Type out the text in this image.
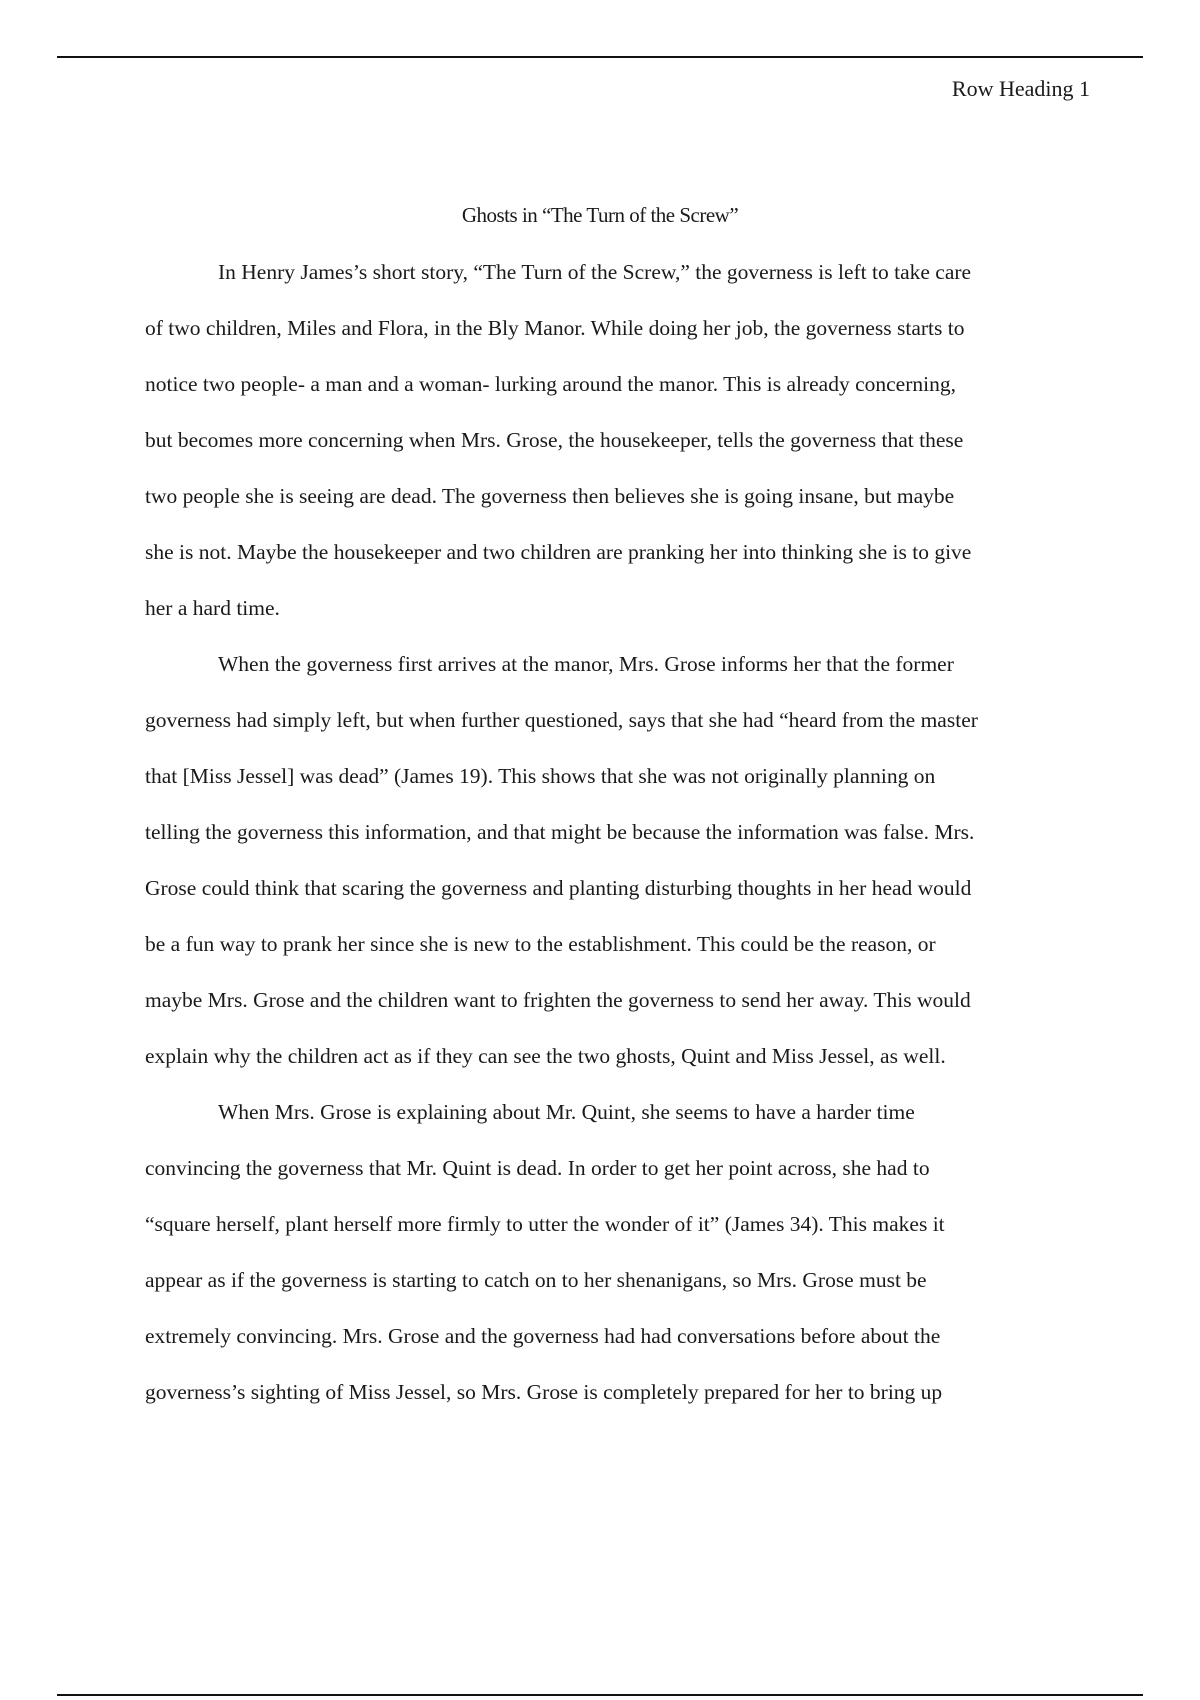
Row Heading 1
Ghosts in “The Turn of the Screw”
In Henry James’s short story, “The Turn of the Screw,” the governess is left to take care
of two children, Miles and Flora, in the Bly Manor. While doing her job, the governess starts to
notice two people- a man and a woman- lurking around the manor. This is already concerning,
but becomes more concerning when Mrs. Grose, the housekeeper, tells the governess that these
two people she is seeing are dead. The governess then believes she is going insane, but maybe
she is not. Maybe the housekeeper and two children are pranking her into thinking she is to give
her a hard time.
When the governess first arrives at the manor, Mrs. Grose informs her that the former
governess had simply left, but when further questioned, says that she had “heard from the master
that [Miss Jessel] was dead” (James 19). This shows that she was not originally planning on
telling the governess this information, and that might be because the information was false. Mrs.
Grose could think that scaring the governess and planting disturbing thoughts in her head would
be a fun way to prank her since she is new to the establishment. This could be the reason, or
maybe Mrs. Grose and the children want to frighten the governess to send her away. This would
explain why the children act as if they can see the two ghosts, Quint and Miss Jessel, as well.
When Mrs. Grose is explaining about Mr. Quint, she seems to have a harder time
convincing the governess that Mr. Quint is dead. In order to get her point across, she had to
“square herself, plant herself more firmly to utter the wonder of it” (James 34). This makes it
appear as if the governess is starting to catch on to her shenanigans, so Mrs. Grose must be
extremely convincing. Mrs. Grose and the governess had had conversations before about the
governess’s sighting of Miss Jessel, so Mrs. Grose is completely prepared for her to bring up
